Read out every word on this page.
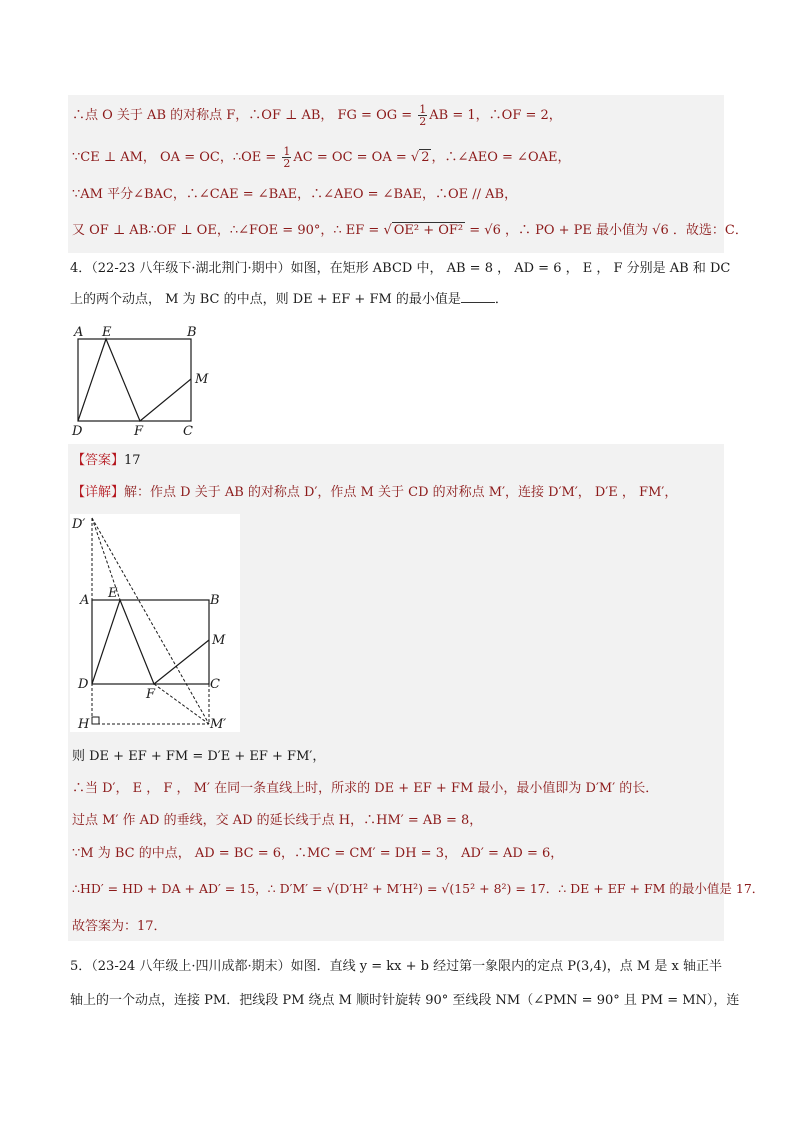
∴点 O 关于 AB 的对称点 F，∴OF ⊥ AB， FG = OG = $\frac{1}{2}$ AB = 1，∴OF = 2，
∵CE ⊥ AM， OA = OC，∴OE = $\frac{1}{2}$ AC = OC = OA = √ 2 ，∴∠AEO = ∠OAE，
∵AM 平分∠BAC，∴∠CAE = ∠BAE，∴∠AEO = ∠BAE，∴OE // AB，
又 OF ⊥ AB∴OF ⊥ OE，∴∠FOE = 90°，∴ EF = √ OE² + OF² = √6 ，∴ PO + PE 最小值为 √6 ．故选：C．
4．（22-23 八年级下·湖北荆门·期中）如图，在矩形 ABCD 中， AB = 8 ， AD = 6 ， E ， F 分别是 AB 和 DC
上的两个动点， M 为 BC 的中点，则 DE + EF + FM 的最小值是	．
A E	B
M
D	F	C
【答案】17
【详解】解：作点 D 关于 AB 的对称点 D′，作点 M 关于 CD 的对称点 M′，连接 D′M′， D′E ， FM′，
D′
A E	B
M
D
F
C
H	M′
则 DE + EF + FM = D′E + EF + FM′，
∴当 D′， E ， F ， M′ 在同一条直线上时，所求的 DE + EF + FM 最小，最小值即为 D′M′ 的长．
过点 M′ 作 AD 的垂线，交 AD 的延长线于点 H，∴HM′ = AB = 8，
∵M 为 BC 的中点， AD = BC = 6，∴MC = CM′ = DH = 3， AD′ = AD = 6，
∴HD′ = HD + DA + AD′ = 15，∴ D′M′ = √(D′H² + M′H²) = √(15² + 8²) = 17．∴ DE + EF + FM 的最小值是 17．
故答案为：17．
5．（23-24 八年级上·四川成都·期末）如图．直线 y = kx + b 经过第一象限内的定点 P(3,4)，点 M 是 x 轴正半
轴上的一个动点，连接 PM．把线段 PM 绕点 M 顺时针旋转 90° 至线段 NM（∠PMN = 90° 且 PM = MN），连
